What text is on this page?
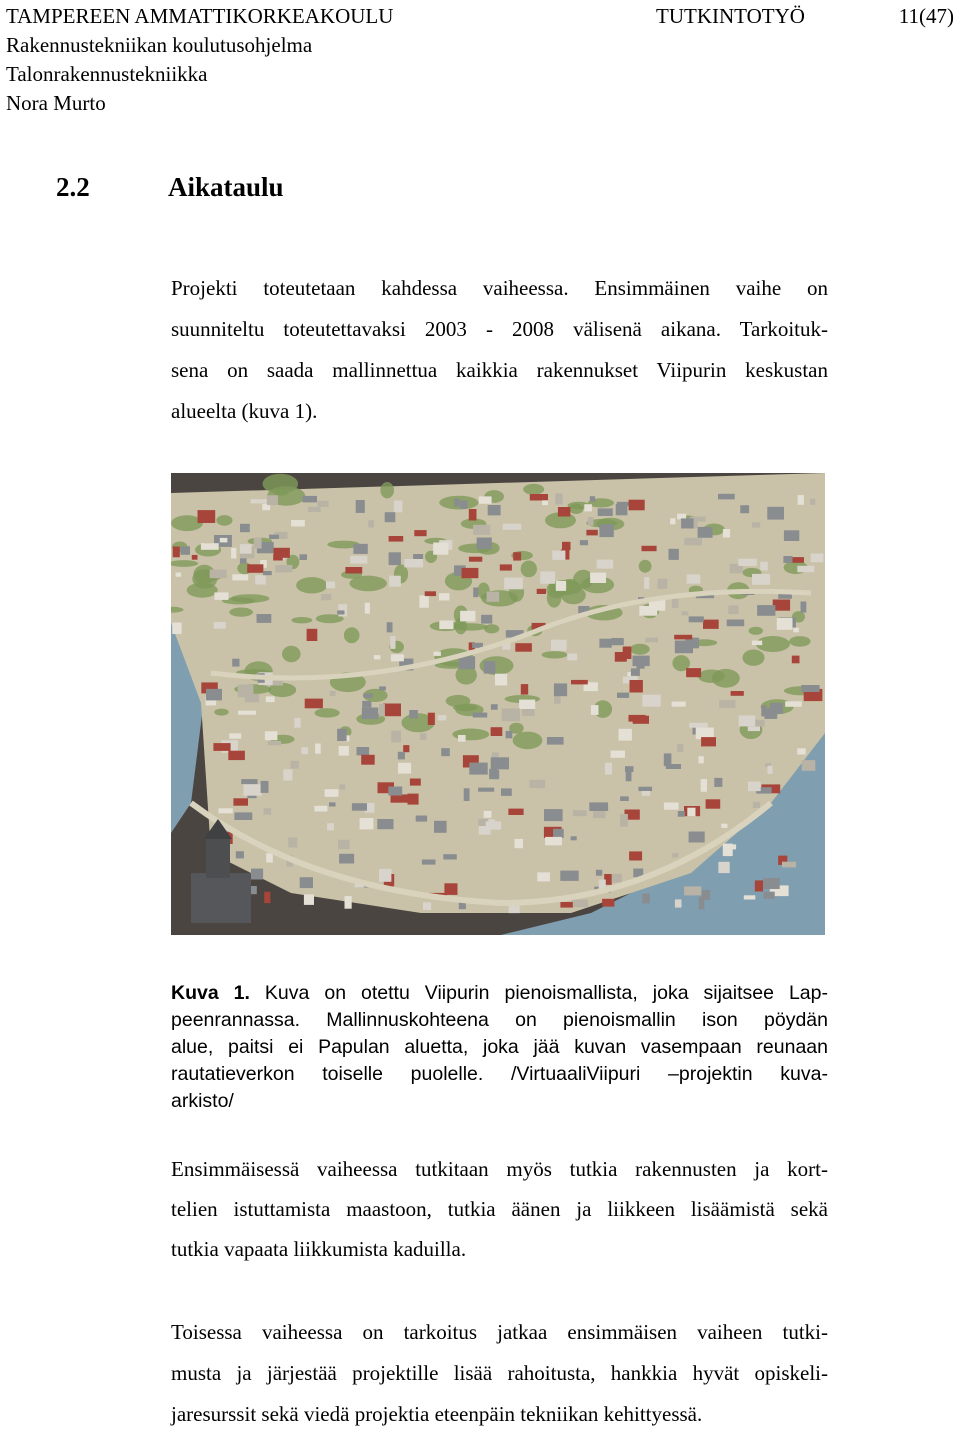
TAMPEREEN AMMATTIKORKEAKOULU	TUTKINTOTYÖ	11(47)
Rakennustekniikan koulutusohjelma
Talonrakennustekniikka
Nora Murto
2.2	Aikataulu
Projekti toteutetaan kahdessa vaiheessa. Ensimmäinen vaihe on
suunniteltu toteutettavaksi 2003 - 2008 välisenä aikana. Tarkoituk-
sena on saada mallinnettua kaikkia rakennukset Viipurin keskustan
alueelta (kuva 1).
Kuva 1. Kuva on otettu Viipurin pienoismallista, joka sijaitsee Lap-
peenrannassa. Mallinnuskohteena on pienoismallin ison pöydän
alue, paitsi ei Papulan aluetta, joka jää kuvan vasempaan reunaan
rautatieverkon toiselle puolelle. /VirtuaaliViipuri –projektin kuva-
arkisto/
Ensimmäisessä vaiheessa tutkitaan myös tutkia rakennusten ja kort-
telien istuttamista maastoon, tutkia äänen ja liikkeen lisäämistä sekä
tutkia vapaata liikkumista kaduilla.
Toisessa vaiheessa on tarkoitus jatkaa ensimmäisen vaiheen tutki-
musta ja järjestää projektille lisää rahoitusta, hankkia hyvät opiskeli-
jaresurssit sekä viedä projektia eteenpäin tekniikan kehittyessä.
